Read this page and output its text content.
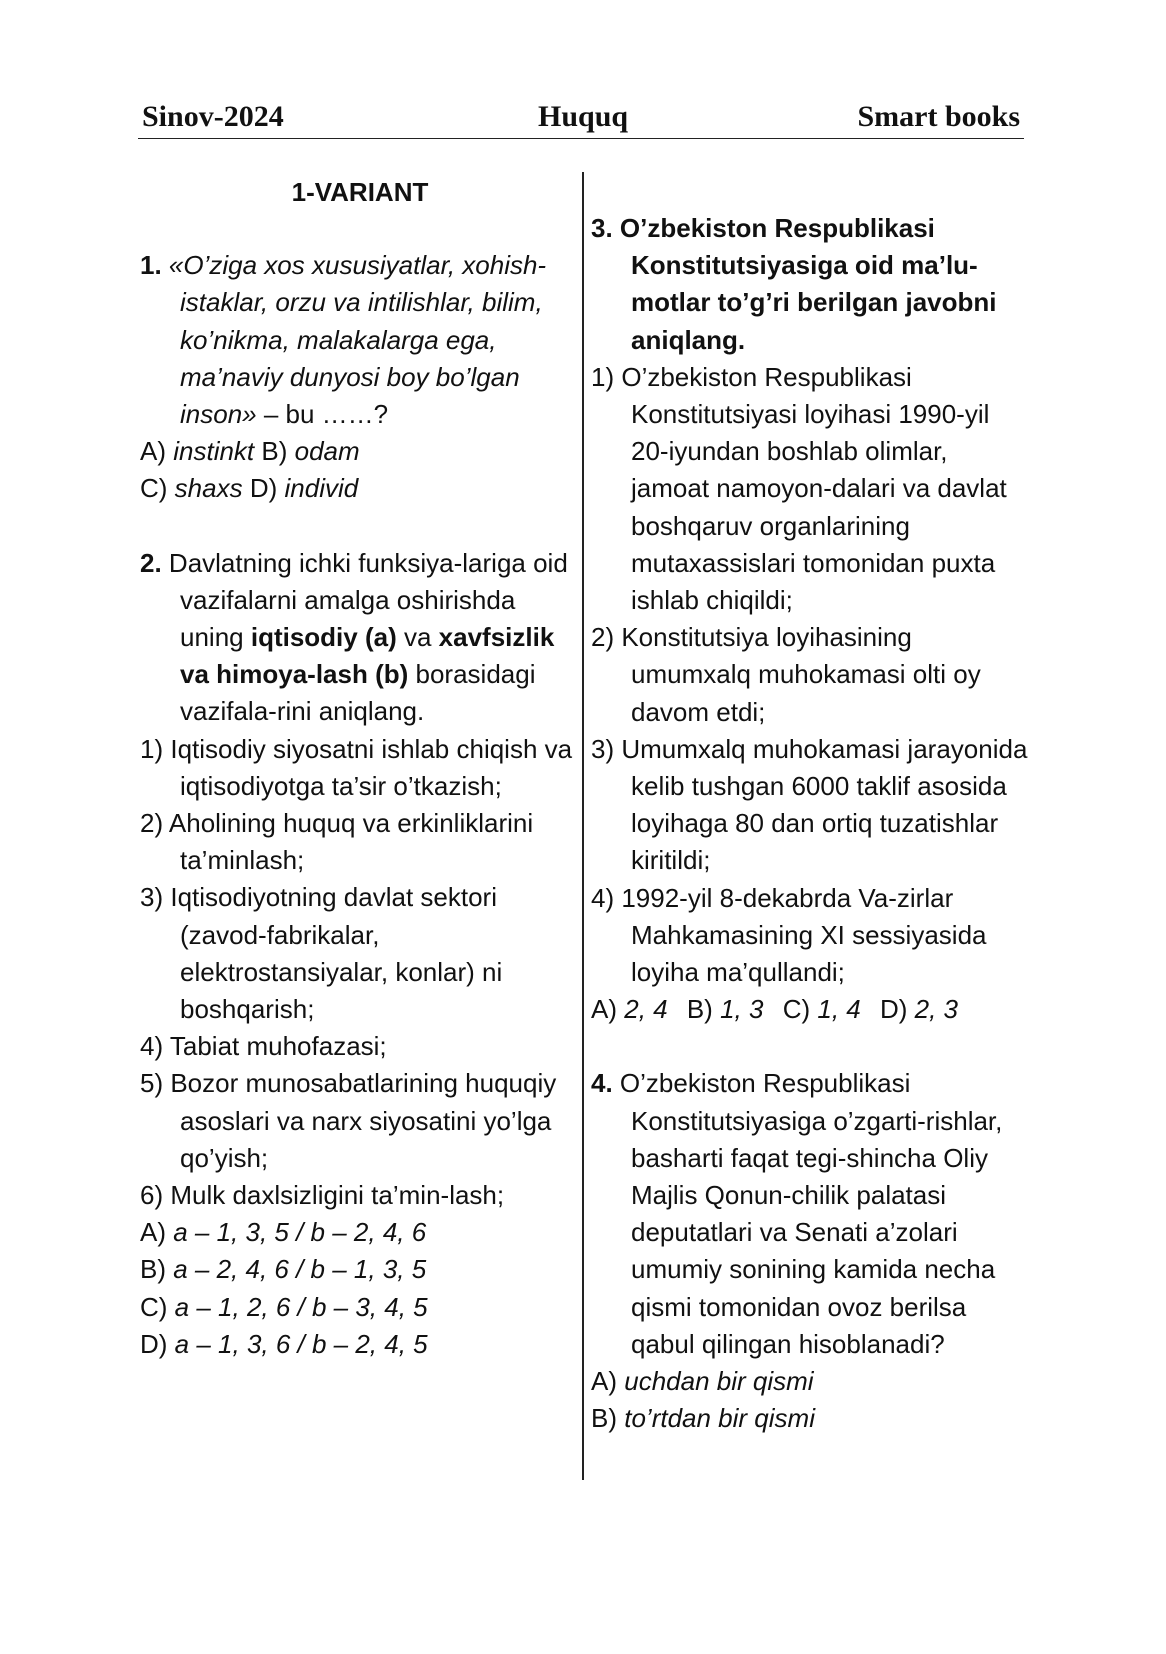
Sinov-2024	Huquq	Smart books
1-VARIANT
1. «O’ziga xos xususiyatlar, xohish-istaklar, orzu va intilishlar, bilim, ko’nikma, malakalarga ega, ma’naviy dunyosi boy bo’lgan inson» – bu ……?
A) instinkt B) odam
C) shaxs D) individ
2. Davlatning ichki funksiya-lariga oid vazifalarni amalga oshirishda uning iqtisodiy (a) va xavfsizlik va himoya-lash (b) borasidagi vazifala-rini aniqlang.
1) Iqtisodiy siyosatni ishlab chiqish va iqtisodiyotga ta’sir o’tkazish;
2) Aholining huquq va erkinliklarini ta’minlash;
3) Iqtisodiyotning davlat sektori (zavod-fabrikalar, elektrostansiyalar, konlar) ni boshqarish;
4) Tabiat muhofazasi;
5) Bozor munosabatlarining huquqiy asoslari va narx siyosatini yo’lga qo’yish;
6) Mulk daxlsizligini ta’min-lash;
A) a – 1, 3, 5 / b – 2, 4, 6
B) a – 2, 4, 6 / b – 1, 3, 5
C) a – 1, 2, 6 / b – 3, 4, 5
D) a – 1, 3, 6 / b – 2, 4, 5
3. O’zbekiston Respublikasi Konstitutsiyasiga oid ma’lu-motlar to’g’ri berilgan javobni aniqlang.
1) O’zbekiston Respublikasi Konstitutsiyasi loyihasi 1990-yil 20-iyundan boshlab olimlar, jamoat namoyon-dalari va davlat boshqaruv organlarining mutaxassislari tomonidan puxta ishlab chiqildi;
2) Konstitutsiya loyihasining umumxalq muhokamasi olti oy davom etdi;
3) Umumxalq muhokamasi jarayonida kelib tushgan 6000 taklif asosida loyihaga 80 dan ortiq tuzatishlar kiritildi;
4) 1992-yil 8-dekabrda Va-zirlar Mahkamasining XI sessiyasida loyiha ma’qullandi;
A) 2, 4 B) 1, 3 C) 1, 4 D) 2, 3
4. O’zbekiston Respublikasi Konstitutsiyasiga o’zgarti-rishlar, basharti faqat tegi-shincha Oliy Majlis Qonun-chilik palatasi deputatlari va Senati a’zolari umumiy sonining kamida necha qismi tomonidan ovoz berilsa qabul qilingan hisoblanadi?
A) uchdan bir qismi
B) to’rtdan bir qismi
